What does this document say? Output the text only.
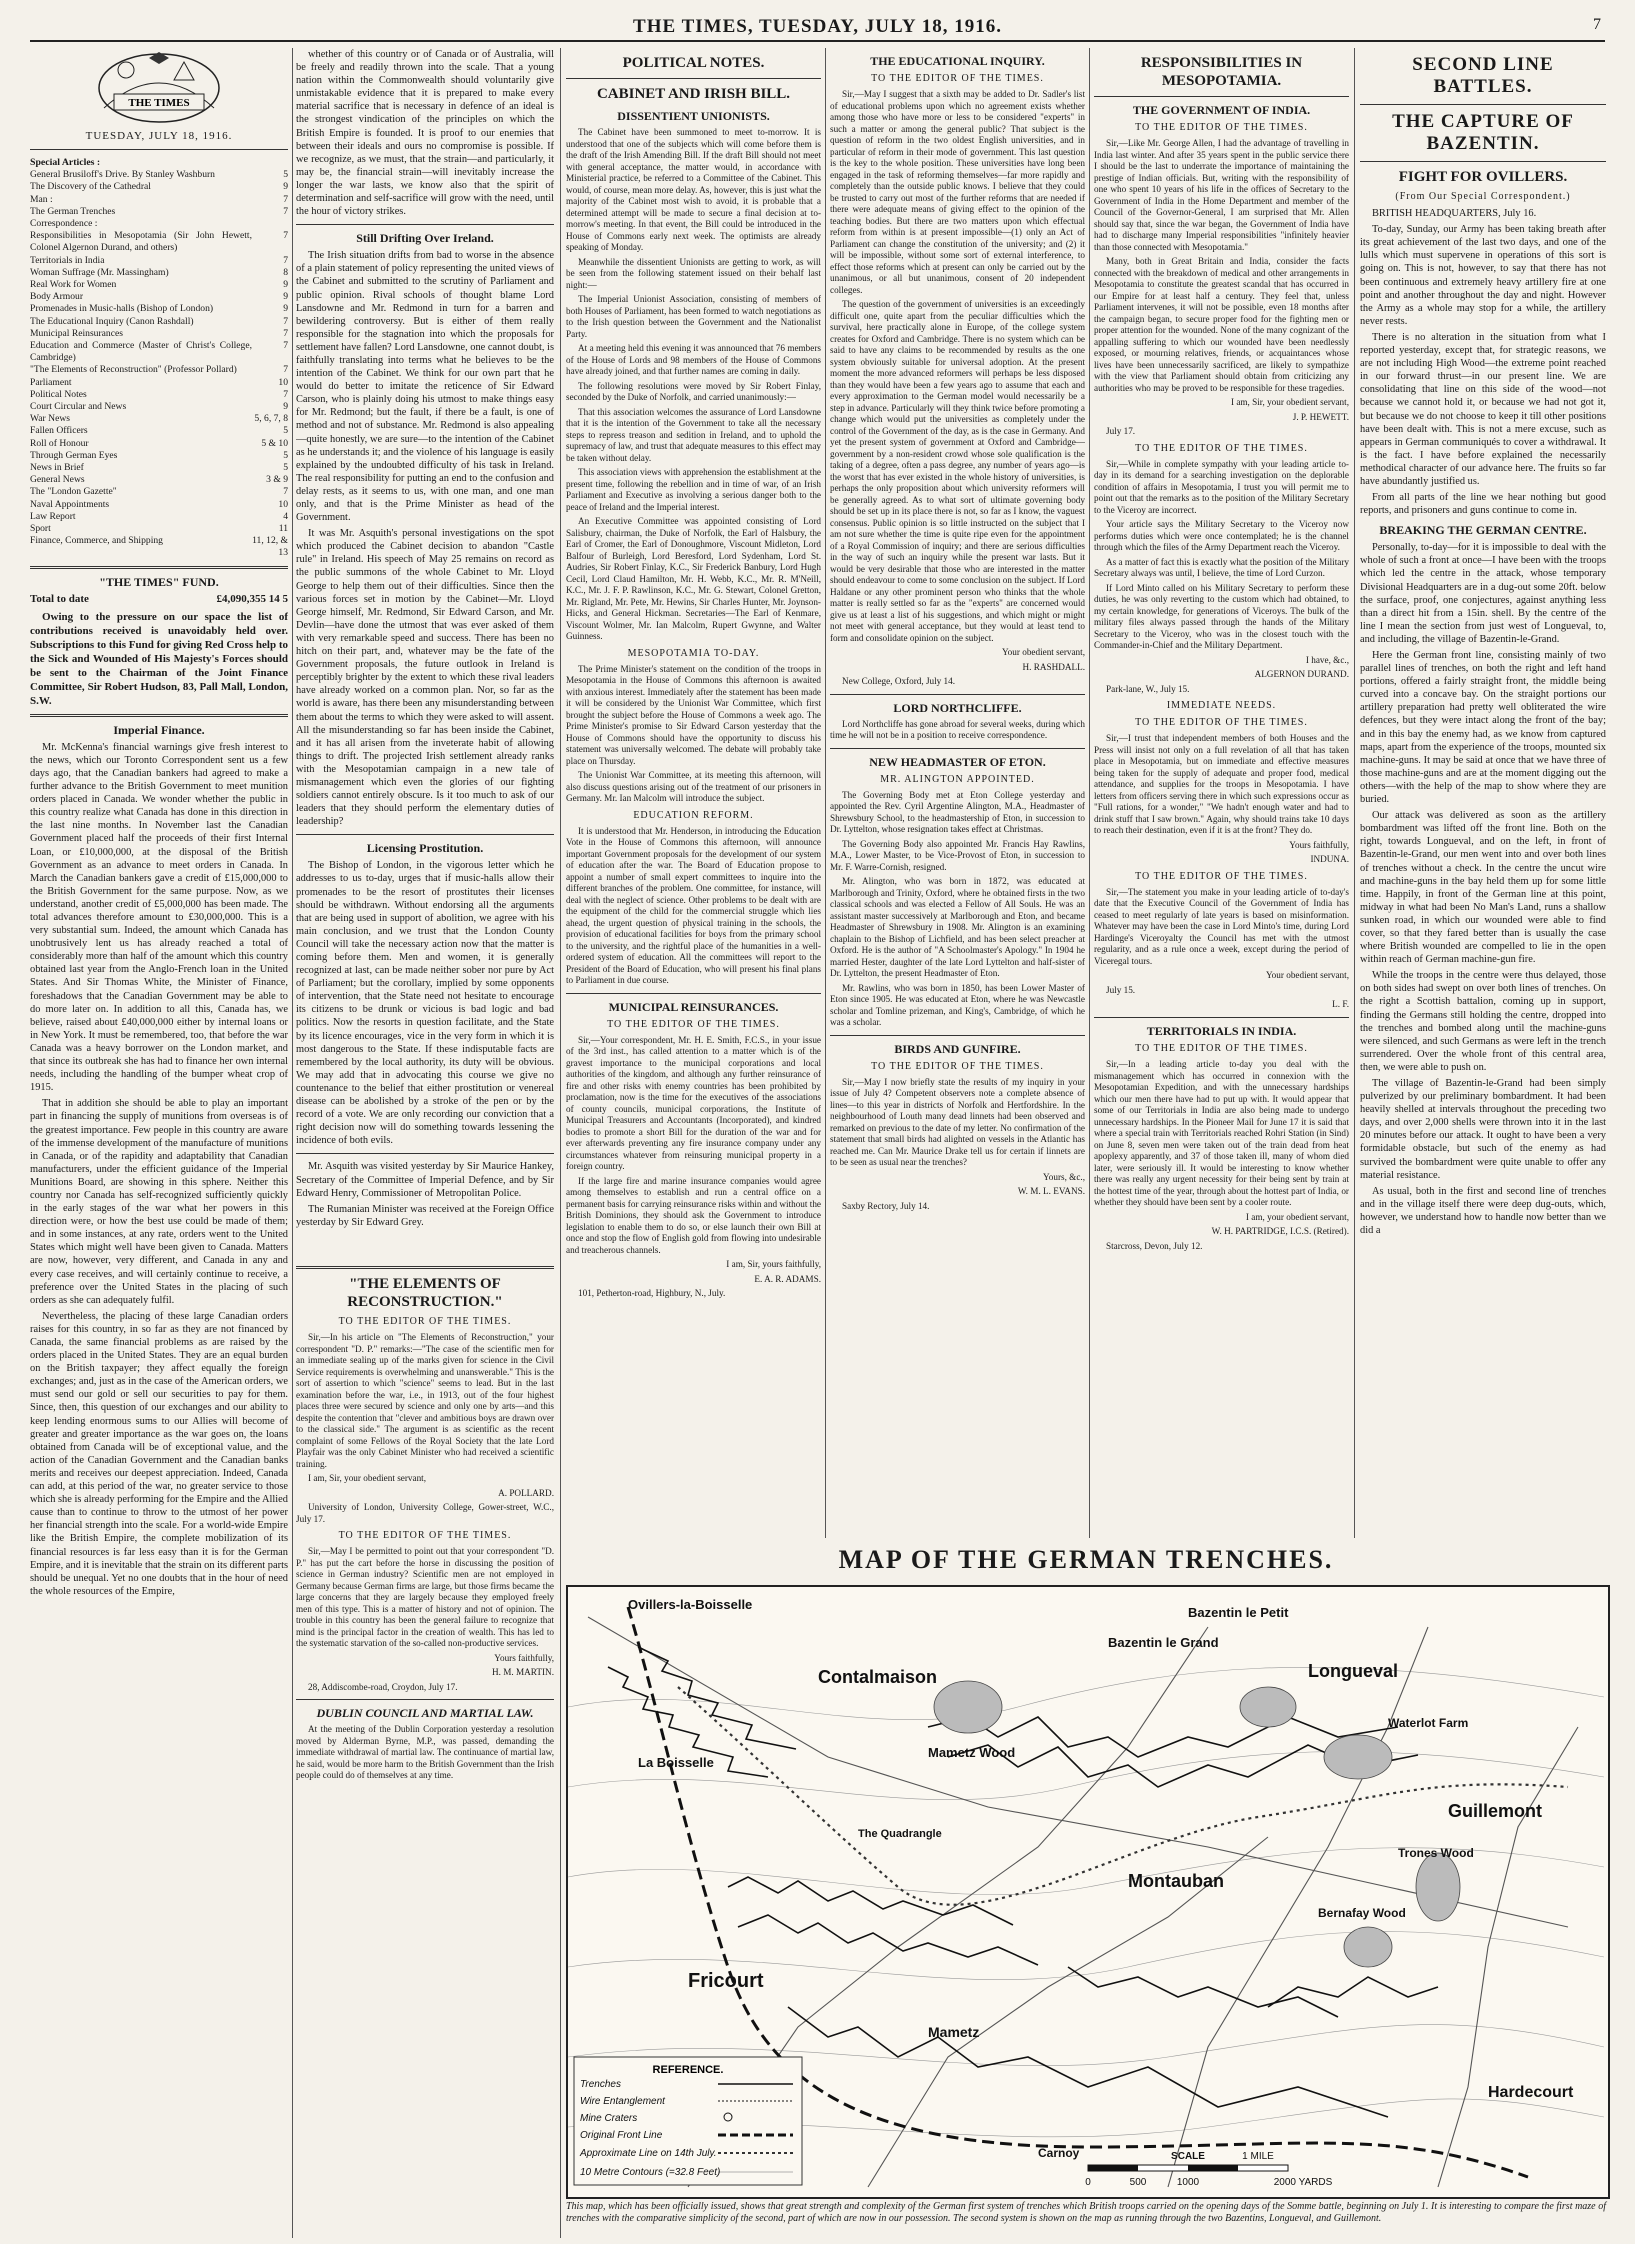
THE TIMES, TUESDAY, JULY 18, 1916.	7
THE TIMES
TUESDAY, JULY 18, 1916.
Special Articles :
General Brusiloff's Drive. By Stanley Washburn	5
The Discovery of the Cathedral	9
Man :	7
The German Trenches	7
Correspondence :
Responsibilities in Mesopotamia (Sir John Hewett, Colonel Algernon Durand, and others)
7
Territorials in India	7
Woman Suffrage (Mr. Massingham)	8
Real Work for Women	9
Body Armour	9
Promenades in Music-halls (Bishop of London)	9
The Educational Inquiry (Canon Rashdall)	7
Municipal Reinsurances	7
Education and Commerce (Master of Christ's College, Cambridge)
7
"The Elements of Reconstruction" (Professor Pollard)	7
Parliament	10
Political Notes	7
Court Circular and News	9
War News	5, 6, 7, 8
Fallen Officers	5
Roll of Honour	5 & 10
Through German Eyes	5
News in Brief	5
General News	3 & 9
The "London Gazette"	7
Naval Appointments	10
Law Report	4
Sport	11
Finance, Commerce, and Shipping	11, 12, & 13
"THE TIMES" FUND.
Total to date	£4,090,355 14 5

Owing to the pressure on our space the list of contributions received is unavoidably held over. Subscriptions to this Fund for giving Red Cross help to the Sick and Wounded of His Majesty's Forces should be sent to the Chairman of the Joint Finance Committee, Sir Robert Hudson, 83, Pall Mall, London, S.W.

Imperial Finance.

Mr. McKenna's financial warnings give fresh interest to the news, which our Toronto Correspondent sent us a few days ago, that the Canadian bankers had agreed to make a further advance to the British Government to meet munition orders placed in Canada. We wonder whether the public in this country realize what Canada has done in this direction in the last nine months. In November last the Canadian Government placed half the proceeds of their first Internal Loan, or £10,000,000, at the disposal of the British Government as an advance to meet orders in Canada. In March the Canadian bankers gave a credit of £15,000,000 to the British Government for the same purpose. Now, as we understand, another credit of £5,000,000 has been made. The total advances therefore amount to £30,000,000. This is a very substantial sum. Indeed, the amount which Canada has unobtrusively lent us has already reached a total of considerably more than half of the amount which this country obtained last year from the Anglo-French loan in the United States. And Sir Thomas White, the Minister of Finance, foreshadows that the Canadian Government may be able to do more later on. In addition to all this, Canada has, we believe, raised about £40,000,000 either by internal loans or in New York. It must be remembered, too, that before the war Canada was a heavy borrower on the London market, and that since its outbreak she has had to finance her own internal needs, including the handling of the bumper wheat crop of 1915.

That in addition she should be able to play an important part in financing the supply of munitions from overseas is of the greatest importance. Few people in this country are aware of the immense development of the manufacture of munitions in Canada, or of the rapidity and adaptability that Canadian manufacturers, under the efficient guidance of the Imperial Munitions Board, are showing in this sphere. Neither this country nor Canada has self-recognized sufficiently quickly in the early stages of the war what her powers in this direction were, or how the best use could be made of them; and in some instances, at any rate, orders went to the United States which might well have been given to Canada. Matters are now, however, very different, and Canada in any and every case receives, and will certainly continue to receive, a preference over the United States in the placing of such orders as she can adequately fulfil.

Nevertheless, the placing of these large Canadian orders raises for this country, in so far as they are not financed by Canada, the same financial problems as are raised by the orders placed in the United States. They are an equal burden on the British taxpayer; they affect equally the foreign exchanges; and, just as in the case of the American orders, we must send our gold or sell our securities to pay for them. Since, then, this question of our exchanges and our ability to keep lending enormous sums to our Allies will become of greater and greater importance as the war goes on, the loans obtained from Canada will be of exceptional value, and the action of the Canadian Government and the Canadian banks merits and receives our deepest appreciation. Indeed, Canada can add, at this period of the war, no greater service to those which she is already performing for the Empire and the Allied cause than to continue to throw to the utmost of her power her financial strength into the scale. For a world-wide Empire like the British Empire, the complete mobilization of its financial resources is far less easy than it is for the German Empire, and it is inevitable that the strain on its different parts should be unequal. Yet no one doubts that in the hour of need the whole resources of the Empire,

whether of this country or of Canada or of Australia, will be freely and readily thrown into the scale. That a young nation within the Commonwealth should voluntarily give unmistakable evidence that it is prepared to make every material sacrifice that is necessary in defence of an ideal is the strongest vindication of the principles on which the British Empire is founded. It is proof to our enemies that between their ideals and ours no compromise is possible. If we recognize, as we must, that the strain—and particularly, it may be, the financial strain—will inevitably increase the longer the war lasts, we know also that the spirit of determination and self-sacrifice will grow with the need, until the hour of victory strikes.

Still Drifting Over Ireland.

The Irish situation drifts from bad to worse in the absence of a plain statement of policy representing the united views of the Cabinet and submitted to the scrutiny of Parliament and public opinion. Rival schools of thought blame Lord Lansdowne and Mr. Redmond in turn for a barren and bewildering controversy. But is either of them really responsible for the stagnation into which the proposals for settlement have fallen? Lord Lansdowne, one cannot doubt, is faithfully translating into terms what he believes to be the intention of the Cabinet. We think for our own part that he would do better to imitate the reticence of Sir Edward Carson, who is plainly doing his utmost to make things easy for Mr. Redmond; but the fault, if there be a fault, is one of method and not of substance. Mr. Redmond is also appealing—quite honestly, we are sure—to the intention of the Cabinet as he understands it; and the violence of his language is easily explained by the undoubted difficulty of his task in Ireland. The real responsibility for putting an end to the confusion and delay rests, as it seems to us, with one man, and one man only, and that is the Prime Minister as head of the Government.

It was Mr. Asquith's personal investigations on the spot which produced the Cabinet decision to abandon "Castle rule" in Ireland. His speech of May 25 remains on record as the public summons of the whole Cabinet to Mr. Lloyd George to help them out of their difficulties. Since then the various forces set in motion by the Cabinet—Mr. Lloyd George himself, Mr. Redmond, Sir Edward Carson, and Mr. Devlin—have done the utmost that was ever asked of them with very remarkable speed and success. There has been no hitch on their part, and, whatever may be the fate of the Government proposals, the future outlook in Ireland is perceptibly brighter by the extent to which these rival leaders have already worked on a common plan. Nor, so far as the world is aware, has there been any misunderstanding between them about the terms to which they were asked to will assent. All the misunderstanding so far has been inside the Cabinet, and it has all arisen from the inveterate habit of allowing things to drift. The projected Irish settlement already ranks with the Mesopotamian campaign in a new tale of mismanagement which even the glories of our fighting soldiers cannot entirely obscure. Is it too much to ask of our leaders that they should perform the elementary duties of leadership?

Licensing Prostitution.

The Bishop of London, in the vigorous letter which he addresses to us to-day, urges that if music-halls allow their promenades to be the resort of prostitutes their licenses should be withdrawn. Without endorsing all the arguments that are being used in support of abolition, we agree with his main conclusion, and we trust that the London County Council will take the necessary action now that the matter is coming before them. Men and women, it is generally recognized at last, can be made neither sober nor pure by Act of Parliament; but the corollary, implied by some opponents of intervention, that the State need not hesitate to encourage its citizens to be drunk or vicious is bad logic and bad politics. Now the resorts in question facilitate, and the State by its licence encourages, vice in the very form in which it is most dangerous to the State. If these indisputable facts are remembered by the local authority, its duty will be obvious. We may add that in advocating this course we give no countenance to the belief that either prostitution or venereal disease can be abolished by a stroke of the pen or by the record of a vote. We are only recording our conviction that a right decision now will do something towards lessening the incidence of both evils.

Mr. Asquith was visited yesterday by Sir Maurice Hankey, Secretary of the Committee of Imperial Defence, and by Sir Edward Henry, Commissioner of Metropolitan Police.

The Rumanian Minister was received at the Foreign Office yesterday by Sir Edward Grey.

"THE ELEMENTS OF RECONSTRUCTION."
TO THE EDITOR OF THE TIMES.

Sir,—In his article on "The Elements of Reconstruction," your correspondent "D. P." remarks:—"The case of the scientific men for an immediate sealing up of the marks given for science in the Civil Service requirements is overwhelming and unanswerable." This is the sort of assertion to which "science" seems to lead. But in the last examination before the war, i.e., in 1913, out of the four highest places three were secured by science and only one by arts—and this despite the contention that "clever and ambitious boys are drawn over to the classical side." The argument is as scientific as the recent complaint of some Fellows of the Royal Society that the late Lord Playfair was the only Cabinet Minister who had received a scientific training.

I am, Sir, your obedient servant,

A. POLLARD.

University of London, University College, Gower-street, W.C., July 17.

TO THE EDITOR OF THE TIMES.

Sir,—May I be permitted to point out that your correspondent "D. P." has put the cart before the horse in discussing the position of science in German industry? Scientific men are not employed in Germany because German firms are large, but those firms became the large concerns that they are largely because they employed freely men of this type. This is a matter of history and not of opinion. The trouble in this country has been the general failure to recognize that mind is the principal factor in the creation of wealth. This has led to the systematic starvation of the so-called non-productive services.

Yours faithfully,

H. M. MARTIN.

28, Addiscombe-road, Croydon, July 17.

DUBLIN COUNCIL AND MARTIAL LAW.

At the meeting of the Dublin Corporation yesterday a resolution moved by Alderman Byrne, M.P., was passed, demanding the immediate withdrawal of martial law. The continuance of martial law, he said, would be more harm to the British Government than the Irish people could do of themselves at any time.

POLITICAL NOTES.
CABINET AND IRISH BILL.
DISSENTIENT UNIONISTS.

The Cabinet have been summoned to meet to-morrow. It is understood that one of the subjects which will come before them is the draft of the Irish Amending Bill. If the draft Bill should not meet with general acceptance, the matter would, in accordance with Ministerial practice, be referred to a Committee of the Cabinet. This would, of course, mean more delay. As, however, this is just what the majority of the Cabinet most wish to avoid, it is probable that a determined attempt will be made to secure a final decision at to-morrow's meeting. In that event, the Bill could be introduced in the House of Commons early next week. The optimists are already speaking of Monday.

Meanwhile the dissentient Unionists are getting to work, as will be seen from the following statement issued on their behalf last night:—

The Imperial Unionist Association, consisting of members of both Houses of Parliament, has been formed to watch negotiations as to the Irish question between the Government and the Nationalist Party.

At a meeting held this evening it was announced that 76 members of the House of Lords and 98 members of the House of Commons have already joined, and that further names are coming in daily.

The following resolutions were moved by Sir Robert Finlay, seconded by the Duke of Norfolk, and carried unanimously:—

That this association welcomes the assurance of Lord Lansdowne that it is the intention of the Government to take all the necessary steps to repress treason and sedition in Ireland, and to uphold the supremacy of law, and trust that adequate measures to this effect may be taken without delay.

This association views with apprehension the establishment at the present time, following the rebellion and in time of war, of an Irish Parliament and Executive as involving a serious danger both to the peace of Ireland and the Imperial interest.

An Executive Committee was appointed consisting of Lord Salisbury, chairman, the Duke of Norfolk, the Earl of Halsbury, the Earl of Cromer, the Earl of Donoughmore, Viscount Midleton, Lord Balfour of Burleigh, Lord Beresford, Lord Sydenham, Lord St. Audries, Sir Robert Finlay, K.C., Sir Frederick Banbury, Lord Hugh Cecil, Lord Claud Hamilton, Mr. H. Webb, K.C., Mr. R. M'Neill, K.C., Mr. J. F. P. Rawlinson, K.C., Mr. G. Stewart, Colonel Gretton, Mr. Rigland, Mr. Pete, Mr. Hewins, Sir Charles Hunter, Mr. Joynson-Hicks, and General Hickman. Secretaries—The Earl of Kenmare, Viscount Wolmer, Mr. Ian Malcolm, Rupert Gwynne, and Walter Guinness.

MESOPOTAMIA TO-DAY.

The Prime Minister's statement on the condition of the troops in Mesopotamia in the House of Commons this afternoon is awaited with anxious interest. Immediately after the statement has been made it will be considered by the Unionist War Committee, which first brought the subject before the House of Commons a week ago. The Prime Minister's promise to Sir Edward Carson yesterday that the House of Commons should have the opportunity to discuss his statement was universally welcomed. The debate will probably take place on Thursday.

The Unionist War Committee, at its meeting this afternoon, will also discuss questions arising out of the treatment of our prisoners in Germany. Mr. Ian Malcolm will introduce the subject.

EDUCATION REFORM.

It is understood that Mr. Henderson, in introducing the Education Vote in the House of Commons this afternoon, will announce important Government proposals for the development of our system of education after the war. The Board of Education propose to appoint a number of small expert committees to inquire into the different branches of the problem. One committee, for instance, will deal with the neglect of science. Other problems to be dealt with are the equipment of the child for the commercial struggle which lies ahead, the urgent question of physical training in the schools, the provision of educational facilities for boys from the primary school to the university, and the rightful place of the humanities in a well-ordered system of education. All the committees will report to the President of the Board of Education, who will present his final plans to Parliament in due course.

MUNICIPAL REINSURANCES.
TO THE EDITOR OF THE TIMES.

Sir,—Your correspondent, Mr. H. E. Smith, F.C.S., in your issue of the 3rd inst., has called attention to a matter which is of the gravest importance to the municipal corporations and local authorities of the kingdom, and although any further reinsurance of fire and other risks with enemy countries has been prohibited by proclamation, now is the time for the executives of the associations of county councils, municipal corporations, the Institute of Municipal Treasurers and Accountants (Incorporated), and kindred bodies to promote a short Bill for the duration of the war and for ever afterwards preventing any fire insurance company under any circumstances whatever from reinsuring municipal property in a foreign country.

If the large fire and marine insurance companies would agree among themselves to establish and run a central office on a permanent basis for carrying reinsurance risks within and without the British Dominions, they should ask the Government to introduce legislation to enable them to do so, or else launch their own Bill at once and stop the flow of English gold from flowing into undesirable and treacherous channels.

I am, Sir, yours faithfully,

E. A. R. ADAMS.

101, Petherton-road, Highbury, N., July.

THE EDUCATIONAL INQUIRY.
TO THE EDITOR OF THE TIMES.

Sir,—May I suggest that a sixth may be added to Dr. Sadler's list of educational problems upon which no agreement exists whether among those who have more or less to be considered "experts" in such a matter or among the general public? That subject is the question of reform in the two oldest English universities, and in particular of reform in their mode of government. This last question is the key to the whole position. These universities have long been engaged in the task of reforming themselves—far more rapidly and completely than the outside public knows. I believe that they could be trusted to carry out most of the further reforms that are needed if there were adequate means of giving effect to the opinion of the teaching bodies. But there are two matters upon which effectual reform from within is at present impossible—(1) only an Act of Parliament can change the constitution of the university; and (2) it will be impossible, without some sort of external interference, to effect those reforms which at present can only be carried out by the unanimous, or all but unanimous, consent of 20 independent colleges.

The question of the government of universities is an exceedingly difficult one, quite apart from the peculiar difficulties which the survival, here practically alone in Europe, of the college system creates for Oxford and Cambridge. There is no system which can be said to have any claims to be recommended by results as the one system obviously suitable for universal adoption. At the present moment the more advanced reformers will perhaps be less disposed than they would have been a few years ago to assume that each and every approximation to the German model would necessarily be a step in advance. Particularly will they think twice before promoting a change which would put the universities as completely under the control of the Government of the day, as is the case in Germany. And yet the present system of government at Oxford and Cambridge—government by a non-resident crowd whose sole qualification is the taking of a degree, often a pass degree, any number of years ago—is the worst that has ever existed in the whole history of universities, is perhaps the only proposition about which university reformers will be generally agreed. As to what sort of ultimate governing body should be set up in its place there is not, so far as I know, the vaguest consensus. Public opinion is so little instructed on the subject that I am not sure whether the time is quite ripe even for the appointment of a Royal Commission of inquiry; and there are serious difficulties in the way of such an inquiry while the present war lasts. But it would be very desirable that those who are interested in the matter should endeavour to come to some conclusion on the subject. If Lord Haldane or any other prominent person who thinks that the whole matter is really settled so far as the "experts" are concerned would give us at least a list of his suggestions, and which might or might not meet with general acceptance, but they would at least tend to form and consolidate opinion on the subject.

Your obedient servant,

H. RASHDALL.

New College, Oxford, July 14.

LORD NORTHCLIFFE.

Lord Northcliffe has gone abroad for several weeks, during which time he will not be in a position to receive correspondence.

NEW HEADMASTER OF ETON.
MR. ALINGTON APPOINTED.

The Governing Body met at Eton College yesterday and appointed the Rev. Cyril Argentine Alington, M.A., Headmaster of Shrewsbury School, to the headmastership of Eton, in succession to Dr. Lyttelton, whose resignation takes effect at Christmas.

The Governing Body also appointed Mr. Francis Hay Rawlins, M.A., Lower Master, to be Vice-Provost of Eton, in succession to Mr. F. Warre-Cornish, resigned.

Mr. Alington, who was born in 1872, was educated at Marlborough and Trinity, Oxford, where he obtained firsts in the two classical schools and was elected a Fellow of All Souls. He was an assistant master successively at Marlborough and Eton, and became Headmaster of Shrewsbury in 1908. Mr. Alington is an examining chaplain to the Bishop of Lichfield, and has been select preacher at Oxford. He is the author of "A Schoolmaster's Apology." In 1904 he married Hester, daughter of the late Lord Lyttelton and half-sister of Dr. Lyttelton, the present Headmaster of Eton.

Mr. Rawlins, who was born in 1850, has been Lower Master of Eton since 1905. He was educated at Eton, where he was Newcastle scholar and Tomline prizeman, and King's, Cambridge, of which he was a scholar.

BIRDS AND GUNFIRE.
TO THE EDITOR OF THE TIMES.

Sir,—May I now briefly state the results of my inquiry in your issue of July 4? Competent observers note a complete absence of lines—to this year in districts of Norfolk and Hertfordshire. In the neighbourhood of Louth many dead linnets had been observed and remarked on previous to the date of my letter. No confirmation of the statement that small birds had alighted on vessels in the Atlantic has reached me. Can Mr. Maurice Drake tell us for certain if linnets are to be seen as usual near the trenches?

Yours, &c.,

W. M. L. EVANS.

Saxby Rectory, July 14.

RESPONSIBILITIES IN MESOPOTAMIA.
THE GOVERNMENT OF INDIA.
TO THE EDITOR OF THE TIMES.

Sir,—Like Mr. George Allen, I had the advantage of travelling in India last winter. And after 35 years spent in the public service there I should be the last to underrate the importance of maintaining the prestige of Indian officials. But, writing with the responsibility of one who spent 10 years of his life in the offices of Secretary to the Government of India in the Home Department and member of the Council of the Governor-General, I am surprised that Mr. Allen should say that, since the war began, the Government of India have had to discharge many Imperial responsibilities "infinitely heavier than those connected with Mesopotamia."

Many, both in Great Britain and India, consider the facts connected with the breakdown of medical and other arrangements in Mesopotamia to constitute the greatest scandal that has occurred in our Empire for at least half a century. They feel that, unless Parliament intervenes, it will not be possible, even 18 months after the campaign began, to secure proper food for the fighting men or proper attention for the wounded. None of the many cognizant of the appalling suffering to which our wounded have been needlessly exposed, or mourning relatives, friends, or acquaintances whose lives have been unnecessarily sacrificed, are likely to sympathize with the view that Parliament should obtain from criticizing any authorities who may be proved to be responsible for these tragedies.

I am, Sir, your obedient servant,

J. P. HEWETT.

July 17.

TO THE EDITOR OF THE TIMES.

Sir,—While in complete sympathy with your leading article to-day in its demand for a searching investigation on the deplorable condition of affairs in Mesopotamia, I trust you will permit me to point out that the remarks as to the position of the Military Secretary to the Viceroy are incorrect.

Your article says the Military Secretary to the Viceroy now performs duties which were once contemplated; he is the channel through which the files of the Army Department reach the Viceroy.

As a matter of fact this is exactly what the position of the Military Secretary always was until, I believe, the time of Lord Curzon.

If Lord Minto called on his Military Secretary to perform these duties, he was only reverting to the custom which had obtained, to my certain knowledge, for generations of Viceroys. The bulk of the military files always passed through the hands of the Military Secretary to the Viceroy, who was in the closest touch with the Commander-in-Chief and the Military Department.

I have, &c.,

ALGERNON DURAND.

Park-lane, W., July 15.

IMMEDIATE NEEDS.
TO THE EDITOR OF THE TIMES.

Sir,—I trust that independent members of both Houses and the Press will insist not only on a full revelation of all that has taken place in Mesopotamia, but on immediate and effective measures being taken for the supply of adequate and proper food, medical attendance, and supplies for the troops in Mesopotamia. I have letters from officers serving there in which such expressions occur as "Full rations, for a wonder," "We hadn't enough water and had to drink stuff that I saw brown." Again, why should trains take 10 days to reach their destination, even if it is at the front? They do.

Yours faithfully,

INDUNA.

TO THE EDITOR OF THE TIMES.

Sir,—The statement you make in your leading article of to-day's date that the Executive Council of the Government of India has ceased to meet regularly of late years is based on misinformation. Whatever may have been the case in Lord Minto's time, during Lord Hardinge's Viceroyalty the Council has met with the utmost regularity, and as a rule once a week, except during the period of Viceregal tours.

Your obedient servant,

July 15.

L. F.

TERRITORIALS IN INDIA.
TO THE EDITOR OF THE TIMES.

Sir,—In a leading article to-day you deal with the mismanagement which has occurred in connexion with the Mesopotamian Expedition, and with the unnecessary hardships which our men there have had to put up with. It would appear that some of our Territorials in India are also being made to undergo unnecessary hardships. In the Pioneer Mail for June 17 it is said that where a special train with Territorials reached Rohri Station (in Sind) on June 8, seven men were taken out of the train dead from heat apoplexy apparently, and 37 of those taken ill, many of whom died later, were seriously ill. It would be interesting to know whether there was really any urgent necessity for their being sent by train at the hottest time of the year, through about the hottest part of India, or whether they should have been sent by a cooler route.

I am, your obedient servant,

W. H. PARTRIDGE, I.C.S. (Retired).

Starcross, Devon, July 12.

SECOND LINE BATTLES.
THE CAPTURE OF BAZENTIN.
FIGHT FOR OVILLERS.
(From Our Special Correspondent.)

BRITISH HEADQUARTERS, July 16.

To-day, Sunday, our Army has been taking breath after its great achievement of the last two days, and one of the lulls which must supervene in operations of this sort is going on. This is not, however, to say that there has not been continuous and extremely heavy artillery fire at one point and another throughout the day and night. However the Army as a whole may stop for a while, the artillery never rests.

There is no alteration in the situation from what I reported yesterday, except that, for strategic reasons, we are not including High Wood—the extreme point reached in our forward thrust—in our present line. We are consolidating that line on this side of the wood—not because we cannot hold it, or because we had not got it, but because we do not choose to keep it till other positions have been dealt with. This is not a mere excuse, such as appears in German communiqués to cover a withdrawal. It is the fact. I have before explained the necessarily methodical character of our advance here. The fruits so far have abundantly justified us.

From all parts of the line we hear nothing but good reports, and prisoners and guns continue to come in.

BREAKING THE GERMAN CENTRE.

Personally, to-day—for it is impossible to deal with the whole of such a front at once—I have been with the troops which led the centre in the attack, whose temporary Divisional Headquarters are in a dug-out some 20ft. below the surface, proof, one conjectures, against anything less than a direct hit from a 15in. shell. By the centre of the line I mean the section from just west of Longueval, to, and including, the village of Bazentin-le-Grand.

Here the German front line, consisting mainly of two parallel lines of trenches, on both the right and left hand portions, offered a fairly straight front, the middle being curved into a concave bay. On the straight portions our artillery preparation had pretty well obliterated the wire defences, but they were intact along the front of the bay; and in this bay the enemy had, as we know from captured maps, apart from the experience of the troops, mounted six machine-guns. It may be said at once that we have three of those machine-guns and are at the moment digging out the others—with the help of the map to show where they are buried.

Our attack was delivered as soon as the artillery bombardment was lifted off the front line. Both on the right, towards Longueval, and on the left, in front of Bazentin-le-Grand, our men went into and over both lines of trenches without a check. In the centre the uncut wire and machine-guns in the bay held them up for some little time. Happily, in front of the German line at this point, midway in what had been No Man's Land, runs a shallow sunken road, in which our wounded were able to find cover, so that they fared better than is usually the case where British wounded are compelled to lie in the open within reach of German machine-gun fire.

While the troops in the centre were thus delayed, those on both sides had swept on over both lines of trenches. On the right a Scottish battalion, coming up in support, finding the Germans still holding the centre, dropped into the trenches and bombed along until the machine-guns were silenced, and such Germans as were left in the trench surrendered. Over the whole front of this central area, then, we were able to push on.

The village of Bazentin-le-Grand had been simply pulverized by our preliminary bombardment. It had been heavily shelled at intervals throughout the preceding two days, and over 2,000 shells were thrown into it in the last 20 minutes before our attack. It ought to have been a very formidable obstacle, but such of the enemy as had survived the bombardment were quite unable to offer any material resistance.

As usual, both in the first and second line of trenches and in the village itself there were deep dug-outs, which, however, we understand how to handle now better than we did a

MAP OF THE GERMAN TRENCHES.
Ovillers-la-Boisselle
Contalmaison
La Boisselle
Mametz Wood
Bazentin le Grand
Bazentin le Petit
Longueval
Waterlot Farm
Guillemont
Trones Wood
Bernafay Wood
Montauban
Fricourt
Mametz
Hardecourt
Carnoy
The Quadrangle
REFERENCE.
Trenches
Wire Entanglement
Mine Craters
Original Front Line
Approximate Line on 14th July.
10 Metre Contours (=32.8 Feet)
SCALE
0	500	1000	2000 YARDS
1 MILE
This map, which has been officially issued, shows that great strength and complexity of the German first system of trenches which British troops carried on the opening days of the Somme battle, beginning on July 1. It is interesting to compare the first maze of trenches with the comparative simplicity of the second, part of which are now in our possession. The second system is shown on the map as running through the two Bazentins, Longueval, and Guillemont.
